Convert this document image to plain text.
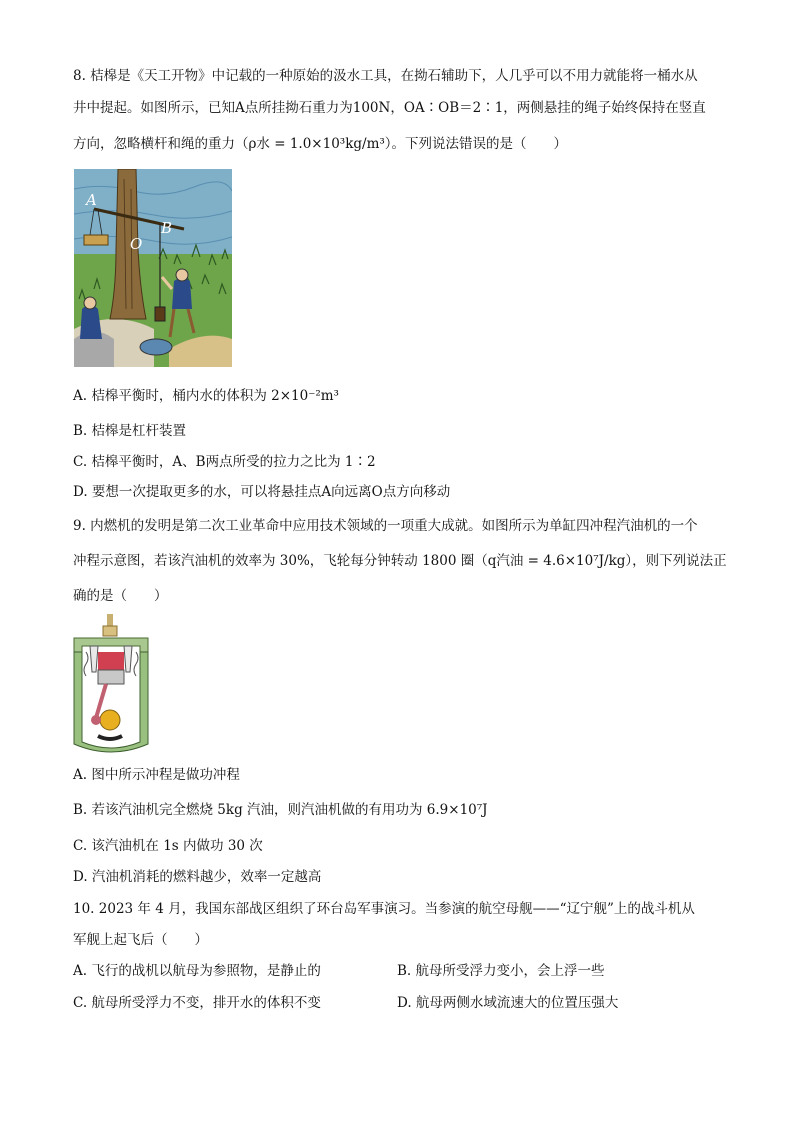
8. 桔槔是《天工开物》中记载的一种原始的汲水工具，在拗石辅助下，人几乎可以不用力就能将一桶水从
井中提起。如图所示，已知A点所挂拗石重力为100N，OA∶OB＝2∶1，两侧悬挂的绳子始终保持在竖直
方向，忽略横杆和绳的重力（ρ水 = 1.0×10³kg/m³）。下列说法错误的是（　　）
A
B
O
A. 桔槔平衡时，桶内水的体积为 2×10⁻²m³
B. 桔槔是杠杆装置
C. 桔槔平衡时，A、B两点所受的拉力之比为 1∶2
D. 要想一次提取更多的水，可以将悬挂点A向远离O点方向移动
9. 内燃机的发明是第二次工业革命中应用技术领域的一项重大成就。如图所示为单缸四冲程汽油机的一个
冲程示意图，若该汽油机的效率为 30%，飞轮每分钟转动 1800 圈（q汽油 = 4.6×10⁷J/kg），则下列说法正
确的是（　　）
A. 图中所示冲程是做功冲程
B. 若该汽油机完全燃烧 5kg 汽油，则汽油机做的有用功为 6.9×10⁷J
C. 该汽油机在 1s 内做功 30 次
D. 汽油机消耗的燃料越少，效率一定越高
10. 2023 年 4 月，我国东部战区组织了环台岛军事演习。当参演的航空母舰——“辽宁舰”上的战斗机从
军舰上起飞后（　　）
A. 飞行的战机以航母为参照物，是静止的	B. 航母所受浮力变小，会上浮一些
C. 航母所受浮力不变，排开水的体积不变	D. 航母两侧水域流速大的位置压强大
